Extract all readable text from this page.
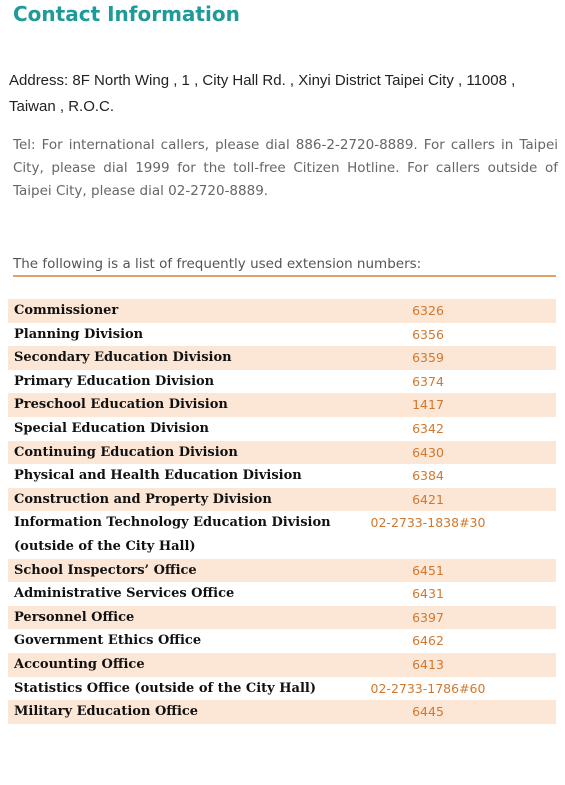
Contact Information
Address: 8F North Wing , 1 , City Hall Rd. , Xinyi District Taipei City , 11008 , Taiwan , R.O.C.
Tel: For international callers, please dial 886-2-2720-8889. For callers in Taipei City, please dial 1999 for the toll-free Citizen Hotline. For callers outside of Taipei City, please dial 02-2720-8889.
The following is a list of frequently used extension numbers:
Commissioner	6326
Planning Division	6356
Secondary Education Division	6359
Primary Education Division	6374
Preschool Education Division	1417
Special Education Division	6342
Continuing Education Division	6430
Physical and Health Education Division	6384
Construction and Property Division	6421
Information Technology Education Division (outside of the City Hall)	02-2733-1838#30
School Inspectors’ Office	6451
Administrative Services Office	6431
Personnel Office	6397
Government Ethics Office	6462
Accounting Office	6413
Statistics Office (outside of the City Hall)	02-2733-1786#60
Military Education Office	6445
